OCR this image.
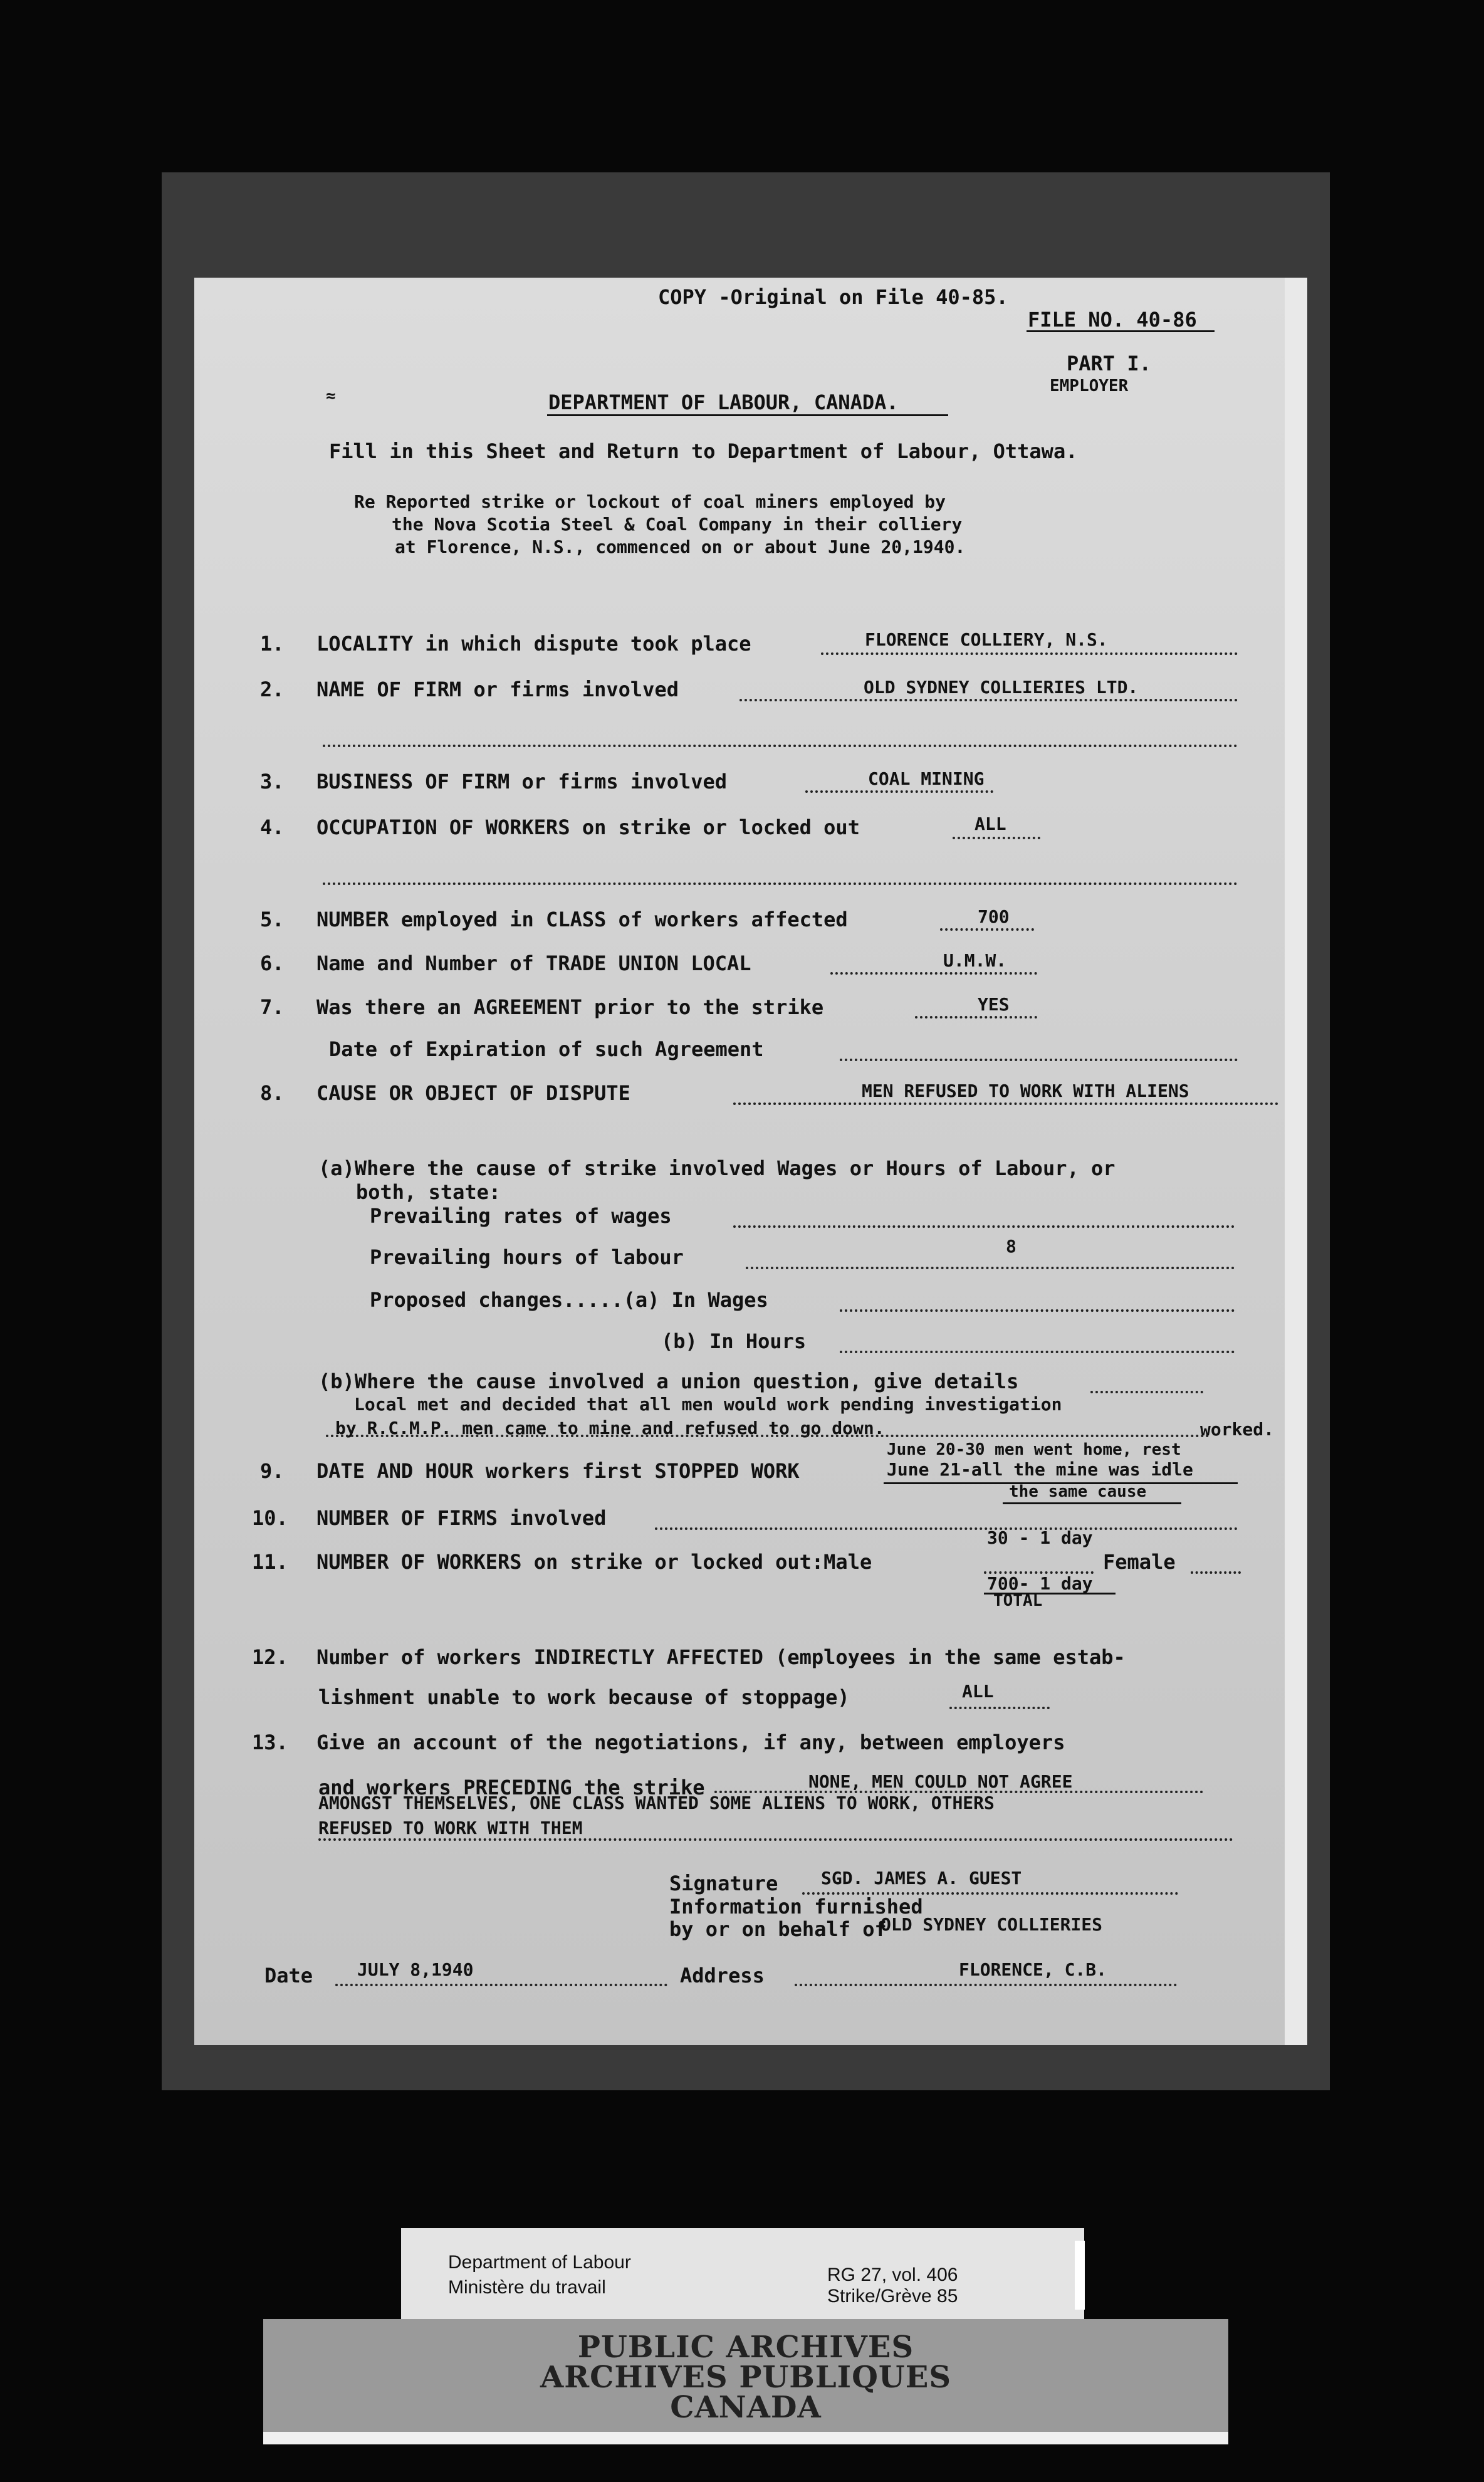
COPY -Original on File 40-85.
FILE NO. 40-86
PART I.
EMPLOYER
≈	DEPARTMENT OF LABOUR, CANADA.
Fill in this Sheet and Return to Department of Labour, Ottawa.
Re Reported strike or lockout of coal miners employed by
the Nova Scotia Steel & Coal Company in their colliery
at Florence, N.S., commenced on or about June 20,1940.
1. LOCALITY in which dispute took place	FLORENCE COLLIERY, N.S.
2. NAME OF FIRM or firms involved	OLD SYDNEY COLLIERIES LTD.
3. BUSINESS OF FIRM or firms involved	COAL MINING
4. OCCUPATION OF WORKERS on strike or locked out	ALL
5. NUMBER employed in CLASS of workers affected	700
6. Name and Number of TRADE UNION LOCAL	U.M.W.
7. Was there an AGREEMENT prior to the strike	YES
Date of Expiration of such Agreement
8. CAUSE OR OBJECT OF DISPUTE	MEN REFUSED TO WORK WITH ALIENS
(a)Where the cause of strike involved Wages or Hours of Labour, or
both, state:
Prevailing rates of wages
Prevailing hours of labour	8
Proposed changes.....(a) In Wages
(b) In Hours
(b)Where the cause involved a union question, give details
Local met and decided that all men would work pending investigation
by R.C.M.P. men came to mine and refused to go down.	worked.
June 20-30 men went home, rest
9. DATE AND HOUR workers first STOPPED WORK	June 21-all the mine was idle
the same cause
10. NUMBER OF FIRMS involved
30 - 1 day
11. NUMBER OF WORKERS on strike or locked out:Male	Female
700- 1 day
TOTAL
12. Number of workers INDIRECTLY AFFECTED (employees in the same estab-
lishment unable to work because of stoppage)	ALL
13. Give an account of the negotiations, if any, between employers
and workers PRECEDING the strike	NONE, MEN COULD NOT AGREE
AMONGST THEMSELVES, ONE CLASS WANTED SOME ALIENS TO WORK, OTHERS
REFUSED TO WORK WITH THEM
Signature SGD. JAMES A. GUEST
Information furnished
by or on behalf of
OLD SYDNEY COLLIERIES
Date	JULY 8,1940	Address	FLORENCE, C.B.
Department of Labour
Ministère du travail
RG 27, vol. 406
Strike/Grève 85
PUBLIC ARCHIVES
ARCHIVES PUBLIQUES
CANADA
